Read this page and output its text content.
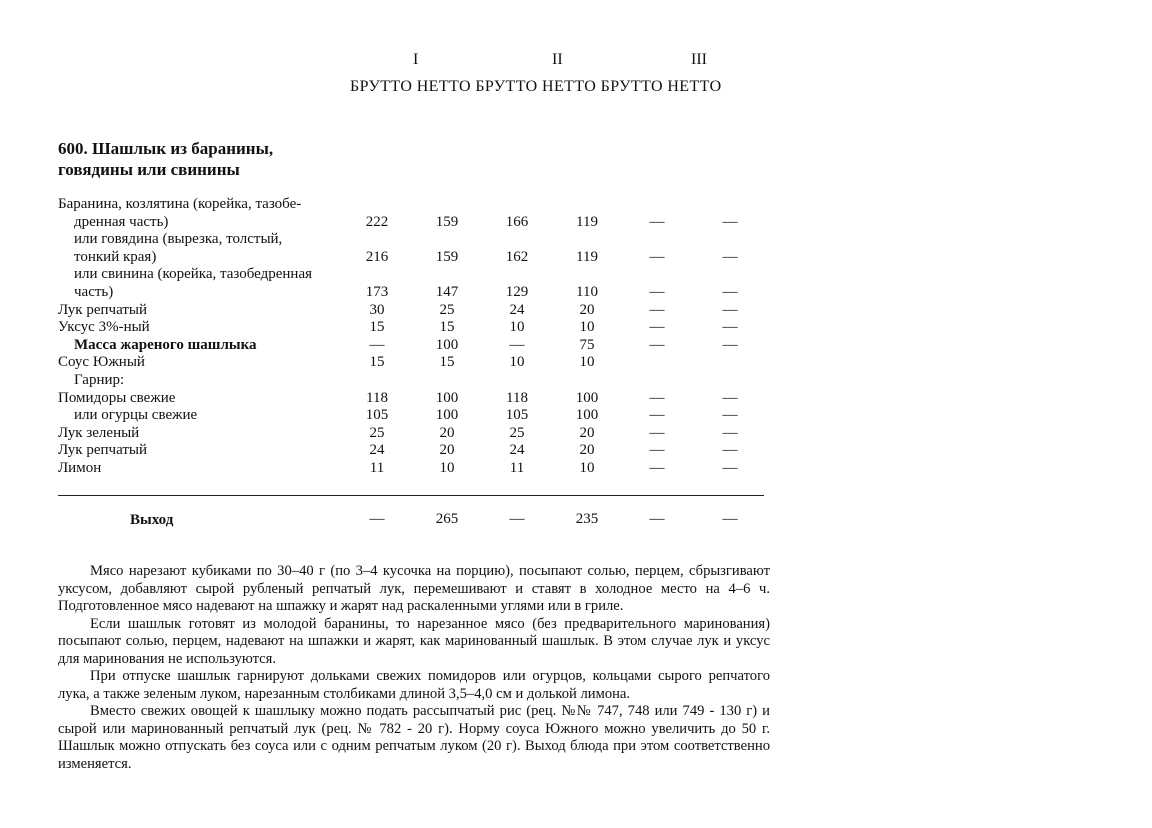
I	II	III
БРУТТО НЕТТО БРУТТО НЕТТО БРУТТО НЕТТО
600. Шашлык из баранины,
говядины или свинины
Баранина, козлятина (корейка, тазобе-
дренная часть)	222	159	166	119	—	—
или говядина (вырезка, толстый,
тонкий края)	216	159	162	119	—	—
или свинина (корейка, тазобедренная
часть)	173	147	129	110	—	—
Лук репчатый	30	25	24	20	—	—
Уксус 3%-ный	15	15	10	10	—	—
Масса жареного шашлыка	—	100	—	75	—	—
Соус Южный	15	15	10	10
Гарнир:
Помидоры свежие	118	100	118	100	—	—
или огурцы свежие	105	100	105	100	—	—
Лук зеленый	25	20	25	20	—	—
Лук репчатый	24	20	24	20	—	—
Лимон	11	10	11	10	—	—
Выход	—	265	—	235	—	—

Мясо нарезают кубиками по 30–40 г (по 3–4 кусочка на порцию), посыпают солью, перцем, сбрызгивают уксусом, добавляют сырой рубленый репчатый лук, перемешивают и ставят в холодное место на 4–6 ч. Подготовленное мясо надевают на шпажку и жарят над раскаленными углями или в гриле.

Если шашлык готовят из молодой баранины, то нарезанное мясо (без предварительного маринования) посыпают солью, перцем, надевают на шпажки и жарят, как маринованный шашлык. В этом случае лук и уксус для маринования не используются.

При отпуске шашлык гарнируют дольками свежих помидоров или огурцов, кольцами сырого репчатого лука, а также зеленым луком, нарезанным столбиками длиной 3,5–4,0 см и долькой лимона.

Вместо свежих овощей к шашлыку можно подать рассыпчатый рис (рец. №№ 747, 748 или 749 - 130 г) и сырой или маринованный репчатый лук (рец. № 782 - 20 г). Норму соуса Южного можно увеличить до 50 г. Шашлык можно отпускать без соуса или с одним репчатым луком (20 г). Выход блюда при этом соответственно изменяется.
